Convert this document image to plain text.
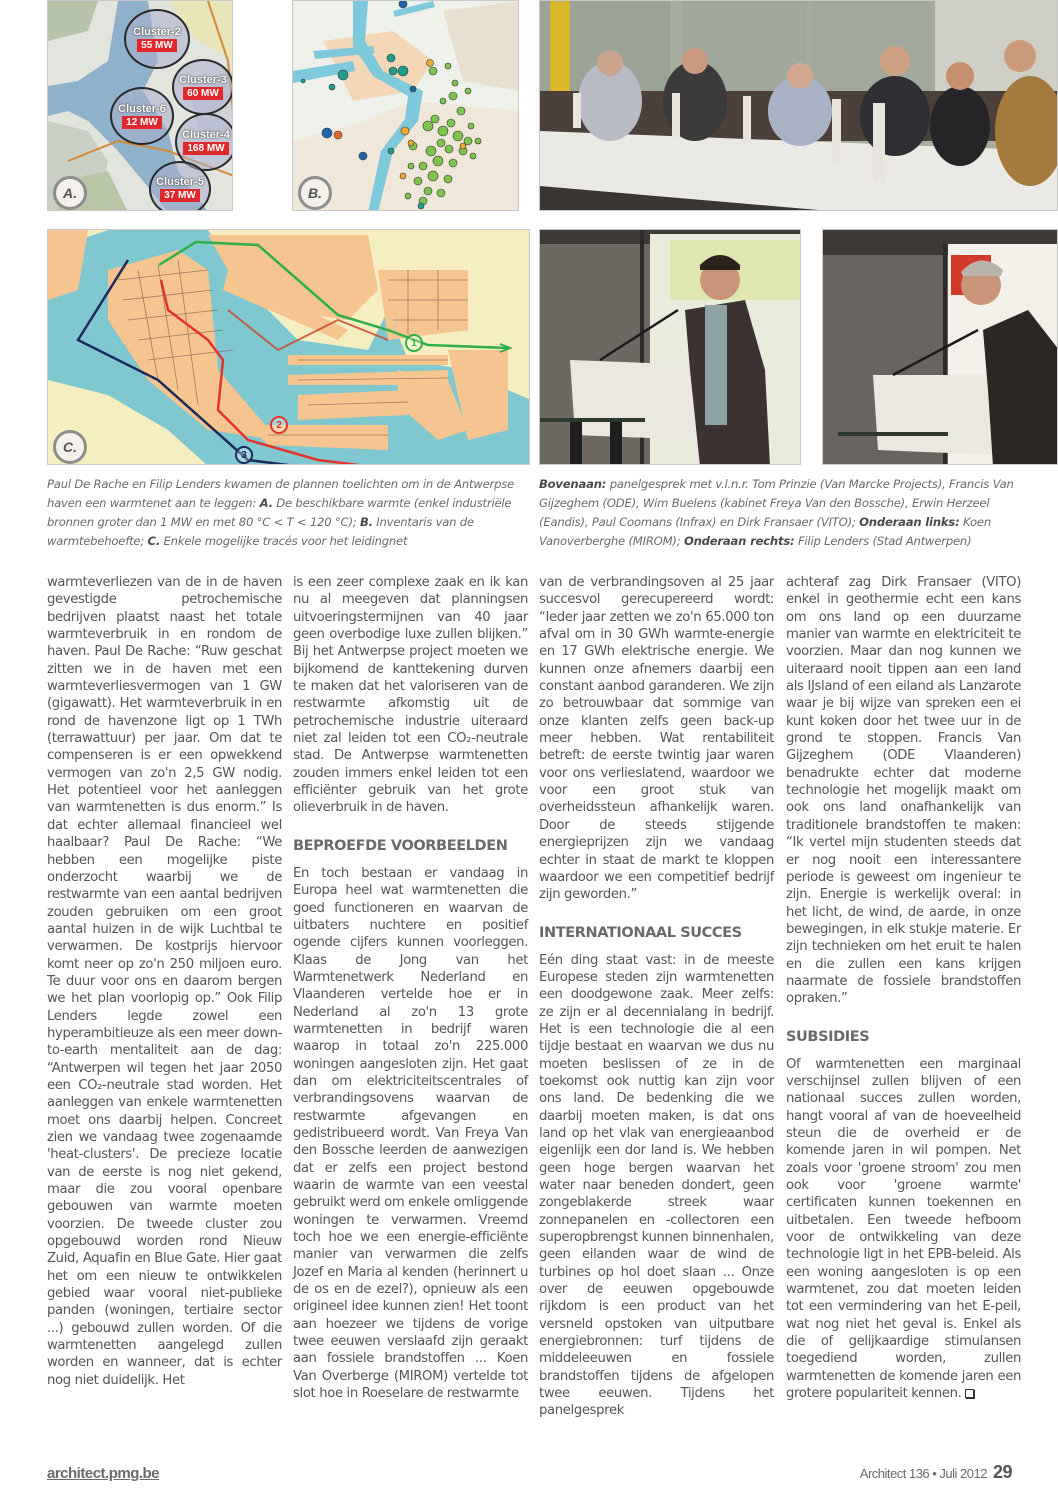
Cluster-2
55 MW
Cluster-3
60 MW
Cluster-6
12 MW
Cluster-4
168 MW
Cluster-5
37 MW
A.	B.
1
2
3
C.
Paul De Rache en Filip Lenders kwamen de plannen toelichten om in de Antwerpse haven een warmtenet aan te leggen: A. De beschikbare warmte (enkel industriële bronnen groter dan 1 MW en met 80 °C < T < 120 °C); B. Inventaris van de warmtebehoefte; C. Enkele mogelijke tracés voor het leidingnet
Bovenaan: panelgesprek met v.l.n.r. Tom Prinzie (Van Marcke Projects), Francis Van Gijzeghem (ODE), Wim Buelens (kabinet Freya Van den Bossche), Erwin Herzeel (Eandis), Paul Coomans (Infrax) en Dirk Fransaer (VITO); Onderaan links: Koen Vanoverberghe (MIROM); Onderaan rechts: Filip Lenders (Stad Antwerpen)

warmteverliezen van de in de haven gevestigde petrochemische bedrijven plaatst naast het totale warmteverbruik in en rondom de haven. Paul De Rache: “Ruw geschat zitten we in de haven met een warmteverliesvermogen van 1 GW (gigawatt). Het warmteverbruik in en rond de havenzone ligt op 1 TWh (terrawattuur) per jaar. Om dat te compenseren is er een opwekkend vermogen van zo'n 2,5 GW nodig. Het potentieel voor het aanleggen van warmtenetten is dus enorm.” Is dat echter allemaal financieel wel haalbaar? Paul De Rache: “We hebben een mogelijke piste onderzocht waarbij we de restwarmte van een aantal bedrijven zouden gebruiken om een groot aantal huizen in de wijk Luchtbal te verwarmen. De kostprijs hiervoor komt neer op zo'n 250 miljoen euro. Te duur voor ons en daarom bergen we het plan voorlopig op.” Ook Filip Lenders legde zowel een hyperambitieuze als een meer down-to-earth mentaliteit aan de dag: “Antwerpen wil tegen het jaar 2050 een CO₂-neutrale stad worden. Het aanleggen van enkele warmtenetten moet ons daarbij helpen. Concreet zien we vandaag twee zogenaamde 'heat-clusters'. De precieze locatie van de eerste is nog niet gekend, maar die zou vooral openbare gebouwen van warmte moeten voorzien. De tweede cluster zou opgebouwd worden rond Nieuw Zuid, Aquafin en Blue Gate. Hier gaat het om een nieuw te ontwikkelen gebied waar vooral niet-publieke panden (woningen, tertiaire sector ...) gebouwd zullen worden. Of die warmtenetten aangelegd zullen worden en wanneer, dat is echter nog niet duidelijk. Het

is een zeer complexe zaak en ik kan nu al meegeven dat planningsen uitvoeringstermijnen van 40 jaar geen overbodige luxe zullen blijken.” Bij het Antwerpse project moeten we bijkomend de kanttekening durven te maken dat het valoriseren van de restwarmte afkomstig uit de petrochemische industrie uiteraard niet zal leiden tot een CO₂-neutrale stad. De Antwerpse warmtenetten zouden immers enkel leiden tot een efficiënter gebruik van het grote olieverbruik in de haven.

BEPROEFDE VOORBEELDEN

En toch bestaan er vandaag in Europa heel wat warmtenetten die goed functioneren en waarvan de uitbaters nuchtere en positief ogende cijfers kunnen voorleggen. Klaas de Jong van het Warmtenetwerk Nederland en Vlaanderen vertelde hoe er in Nederland al zo'n 13 grote warmtenetten in bedrijf waren waarop in totaal zo'n 225.000 woningen aangesloten zijn. Het gaat dan om elektriciteitscentrales of verbrandingsovens waarvan de restwarmte afgevangen en gedistribueerd wordt. Van Freya Van den Bossche leerden de aanwezigen dat er zelfs een project bestond waarin de warmte van een veestal gebruikt werd om enkele omliggende woningen te verwarmen. Vreemd toch hoe we een energie-efficiënte manier van verwarmen die zelfs Jozef en Maria al kenden (herinnert u de os en de ezel?), opnieuw als een origineel idee kunnen zien! Het toont aan hoezeer we tijdens de vorige twee eeuwen verslaafd zijn geraakt aan fossiele brandstoffen ... Koen Van Overberge (MIROM) vertelde tot slot hoe in Roeselare de restwarmte

van de verbrandingsoven al 25 jaar succesvol gerecupereerd wordt: “Ieder jaar zetten we zo'n 65.000 ton afval om in 30 GWh warmte-energie en 17 GWh elektrische energie. We kunnen onze afnemers daarbij een constant aanbod garanderen. We zijn zo betrouwbaar dat sommige van onze klanten zelfs geen back-up meer hebben. Wat rentabiliteit betreft: de eerste twintig jaar waren voor ons verlieslatend, waardoor we voor een groot stuk van overheidssteun afhankelijk waren. Door de steeds stijgende energieprijzen zijn we vandaag echter in staat de markt te kloppen waardoor we een competitief bedrijf zijn geworden.”

INTERNATIONAAL SUCCES

Eén ding staat vast: in de meeste Europese steden zijn warmtenetten een doodgewone zaak. Meer zelfs: ze zijn er al decennialang in bedrijf. Het is een technologie die al een tijdje bestaat en waarvan we dus nu moeten beslissen of ze in de toekomst ook nuttig kan zijn voor ons land. De bedenking die we daarbij moeten maken, is dat ons land op het vlak van energieaanbod eigenlijk een dor land is. We hebben geen hoge bergen waarvan het water naar beneden dondert, geen zongeblakerde streek waar zonnepanelen en -collectoren een superopbrengst kunnen binnenhalen, geen eilanden waar de wind de turbines op hol doet slaan ... Onze over de eeuwen opgebouwde rijkdom is een product van het versneld opstoken van uitputbare energiebronnen: turf tijdens de middeleeuwen en fossiele brandstoffen tijdens de afgelopen twee eeuwen. Tijdens het panelgesprek

achteraf zag Dirk Fransaer (VITO) enkel in geothermie echt een kans om ons land op een duurzame manier van warmte en elektriciteit te voorzien. Maar dan nog kunnen we uiteraard nooit tippen aan een land als IJsland of een eiland als Lanzarote waar je bij wijze van spreken een ei kunt koken door het twee uur in de grond te stoppen. Francis Van Gijzeghem (ODE Vlaanderen) benadrukte echter dat moderne technologie het mogelijk maakt om ook ons land onafhankelijk van traditionele brandstoffen te maken: “Ik vertel mijn studenten steeds dat er nog nooit een interessantere periode is geweest om ingenieur te zijn. Energie is werkelijk overal: in het licht, de wind, de aarde, in onze bewegingen, in elk stukje materie. Er zijn technieken om het eruit te halen en die zullen een kans krijgen naarmate de fossiele brandstoffen opraken.”

SUBSIDIES

Of warmtenetten een marginaal verschijnsel zullen blijven of een nationaal succes zullen worden, hangt vooral af van de hoeveelheid steun die de overheid er de komende jaren in wil pompen. Net zoals voor 'groene stroom' zou men ook voor 'groene warmte' certificaten kunnen toekennen en uitbetalen. Een tweede hefboom voor de ontwikkeling van deze technologie ligt in het EPB-beleid. Als een woning aangesloten is op een warmtenet, zou dat moeten leiden tot een vermindering van het E-peil, wat nog niet het geval is. Enkel als die of gelijkaardige stimulansen toegediend worden, zullen warmtenetten de komende jaren een grotere populariteit kennen.

architect.pmg.be	Architect 136 • Juli 2012 29
